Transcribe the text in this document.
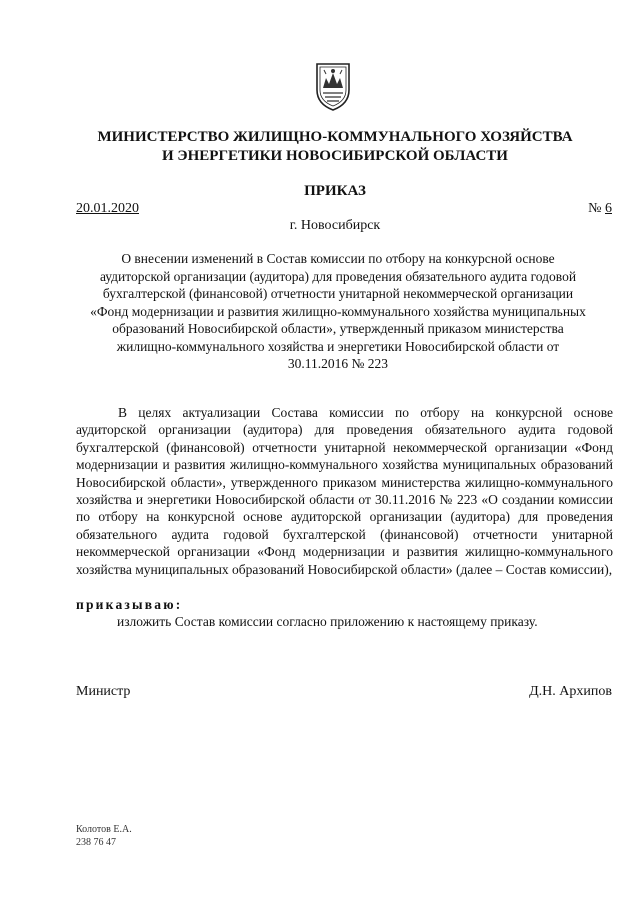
МИНИСТЕРСТВО ЖИЛИЩНО-КОММУНАЛЬНОГО ХОЗЯЙСТВА
И ЭНЕРГЕТИКИ НОВОСИБИРСКОЙ ОБЛАСТИ
ПРИКАЗ
20.01.2020	№ 6
г. Новосибирск
О внесении изменений в Состав комиссии по отбору на конкурсной основе аудиторской организации (аудитора) для проведения обязательного аудита годовой бухгалтерской (финансовой) отчетности унитарной некоммерческой организации «Фонд модернизации и развития жилищно-коммунального хозяйства муниципальных образований Новосибирской области», утвержденный приказом министерства жилищно-коммунального хозяйства и энергетики Новосибирской области от 30.11.2016 № 223
В целях актуализации Состава комиссии по отбору на конкурсной основе аудиторской организации (аудитора) для проведения обязательного аудита годовой бухгалтерской (финансовой) отчетности унитарной некоммерческой организации «Фонд модернизации и развития жилищно-коммунального хозяйства муниципальных образований Новосибирской области», утвержденного приказом министерства жилищно-коммунального хозяйства и энергетики Новосибирской области от 30.11.2016 № 223 «О создании комиссии по отбору на конкурсной основе аудиторской организации (аудитора) для проведения обязательного аудита годовой бухгалтерской (финансовой) отчетности унитарной некоммерческой организации «Фонд модернизации и развития жилищно-коммунального хозяйства муниципальных образований Новосибирской области» (далее – Состав комиссии),
приказываю:
изложить Состав комиссии согласно приложению к настоящему приказу.
Министр	Д.Н. Архипов
Колотов Е.А.
238 76 47
